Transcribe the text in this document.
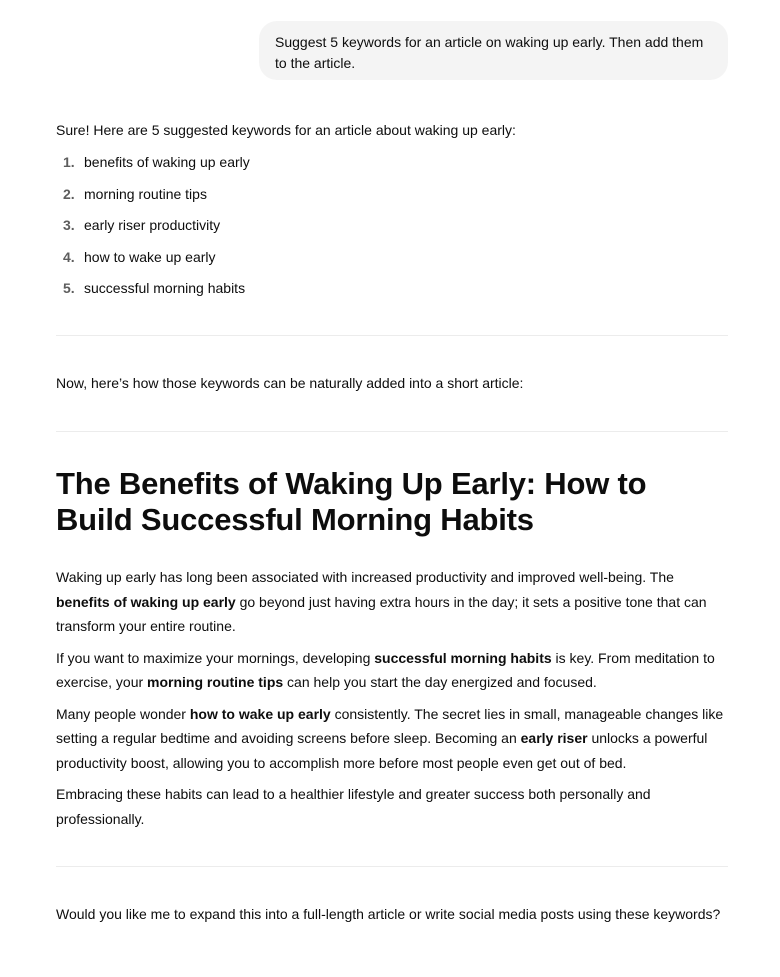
Suggest 5 keywords for an article on waking up early. Then add them to the article.
Sure! Here are 5 suggested keywords for an article about waking up early:
1. benefits of waking up early
2. morning routine tips
3. early riser productivity
4. how to wake up early
5. successful morning habits
Now, here’s how those keywords can be naturally added into a short article:
The Benefits of Waking Up Early: How to Build Successful Morning Habits

Waking up early has long been associated with increased productivity and improved well-being. The benefits of waking up early go beyond just having extra hours in the day; it sets a positive tone that can transform your entire routine.

If you want to maximize your mornings, developing successful morning habits is key. From meditation to exercise, your morning routine tips can help you start the day energized and focused.

Many people wonder how to wake up early consistently. The secret lies in small, manageable changes like setting a regular bedtime and avoiding screens before sleep. Becoming an early riser unlocks a powerful productivity boost, allowing you to accomplish more before most people even get out of bed.

Embracing these habits can lead to a healthier lifestyle and greater success both personally and professionally.

Would you like me to expand this into a full-length article or write social media posts using these keywords?
